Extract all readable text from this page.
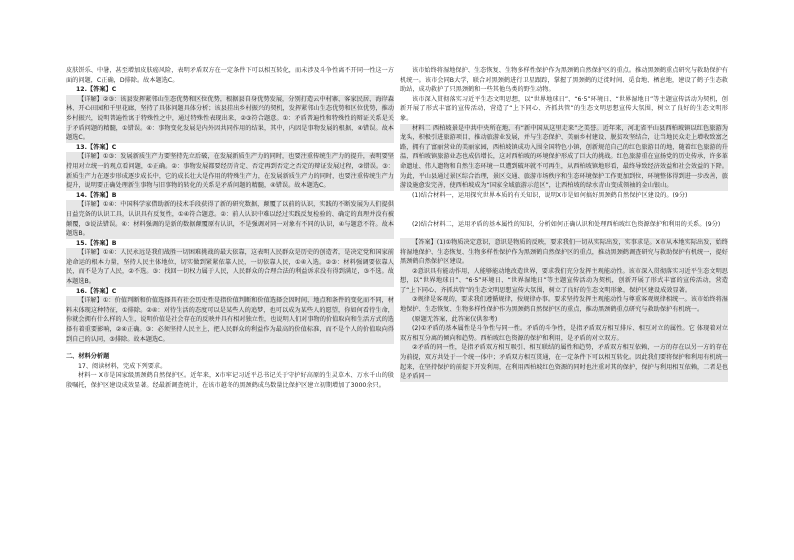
皮肤饼乐、中暑，甚至增加皮肤癌风险，表明矛盾双方在一定条件下可以相互转化，而未涉及斗争性离不开同一性这一方面的问题，C正确，D排除。故本题选C。

12.【答案】C

【详解】②③：该县发挥紧邻山生态优势和区位优势，根据县自身优势发展，分别打造云中村寨、客家民居、海岸森林、开心田园和千里花廊，坚持了具体问题具体分析；该县挂出乡村振兴的契机，发挥紧邻山生态优势和区位优势，推动乡村振兴，说明普遍性寓于特殊性之中，通过特殊性表现出来，②③符合题意。①：矛盾普遍性和特殊性的辩证关系是关于矛盾问题的精髓，①错误。④：事物变化发展是内外因共同作用的结果，其中，内因是事物发展的根据，④错误。故本题选C。

13.【答案】C

【详解】①③：发展新质生产力要坚持先立后破，在发展新质生产力的同时，也要注重传统生产力的提升，表明要坚持用对立统一的观点看问题，①正确。②：事物发展都要经历肯定、否定再到否定之否定的辩证发展过程，②错误。③：新质生产力在逐步形成逐步成长中，它的成长壮大是作用的特殊生产力，在发展新质生产力的同时，也要注重传统生产力提升，说明要正确处理新生事物与旧事物的转化的关系是矛盾问题的精髓，④错误。故本题选C。

14.【答案】B

【详解】①④：中国科学家借助新的技术手段获得了新的研究数据，颠覆了以前的认识，实践的不断发展为人们提供日益完备的认识工具，认识具有反复性，①④符合题意。②：前人认识中难以经过实践反复检验的、确定的真理并没有被颠覆，③说法错误。④：材料强调的是新的数据颠覆原有认识，不是强调对同一对象有不同的认识，④与题意不符。故本题选B。

15.【答案】B

【详解】①④：人民永远是我们战胜一切困难挑战的最大依靠，这表明人民群众是历史的创造者，是决定党和国家前途命运的根本力量，坚持人民主体地位，切实做到紧紧依靠人民，一切依靠人民，①④入选。②③：材料强调要依靠人民，而不是为了人民，②不选。③：找回一切权力属于人民，人民群众的合理合法的利益诉求没有得到满足，③不选。故本题选B。

16.【答案】C

【详解】①：价值判断和价值选择具有社会历史性是指价值判断和价值选择会因时间、地点和条件的变化而不同，材料未体现这种特征，①排除。②④：对待生活的态度可以是某些人的追梦，也可以成为某些人的愿望，你如何看待生命，你就会拥有什么样的人生，说明价值是社会存在的反映并具有相对独立性，也说明人们对事物的价值取向和生活方式的选择有着重要影响，②④正确。③：必须坚持人民主上，把人民群众的利益作为最高的价值标准，而不是个人的价值取向得到自己的认同，③排除。故本题选C。

二、材料分析题

17、阅读材料，完成下列要求。

材料一 X市是国家级黑颈鹤自然保护区。近年来，X市牢记习近平总书记关于守护好高原的生灵草木、万水千山的殷殷嘱托，保护区建设成效显著。经最新调查统计，在该市越冬的黑颈鹤成鸟数量比保护区建立初期增加了3000余只。

该市始终将湿地保护、生态恢复、生物多样性保护作为黑颈鹤自然保护区的重点。推动黑颈鹤重点研究与救助保护有机统一。该市会同B大学，联合对黑颈鹤进行卫星跟踪，掌握了黑颈鹤的迁徙时间、觅食地、栖息地，建设了鹤子生态救助站，成功救护了只黑颈鹤和一些其他鸟类的野生动物。

该市深入贯彻落实习近平生态文明思想，以“世界地球日”、“6·5”环境日、“世界湿地日”等主题宣传活动为契机，创新开展了形式丰富的宣传活动，营造了“上下同心、齐抓共管”的生态文明思想宣传大氛围，树立了良好的生态文明形象。

材料二 西柏坡景是中共中央所在地，有“新中国从这里走来”之美誉。近年来，河北省平山县西柏坡镇以红色旅游为龙头，积极引进旅游项目，推动旅游业发展，并与生态保护、美丽乡村建设、脱贫攻坚结合，让当地民众走上增收致富之路，拥有了富丽营业的美丽家园，西柏坡镇成功入围全国特色小镇，创新规范自己的红色旅游目的地，随着红色旅游的升温，西柏坡镇旅游业态也成倍增长，这对西柏坡的环境保护形成了巨大的挑战。红色旅游重在宣扬党的历史传承，许多革命遗址、伟人遗物和自然生态环境一旦遭到破坏就不可再生，从西柏坡镇地形看，最终导致经济效益和社会效益的下降。为此，平山县通过景区综合治理，景区交通、旅游市场秩序和生态环境保护工作更加到位，环境整体得到进一步改善，旅游设施愈发完善，使西柏坡成为“国家全域旅游示范区”，让西柏坡的绿水青山变成领袖的金山银山。

(1)结合材料一，运用探究世界本质的有关知识，说明X市是如何搞好黑颈鹤自然保护区建设的。(9分)

(2)结合材料二，运用矛盾的基本属性的知识，分析如何正确认识和处理西柏坡红色资源保护和利用的关系。(9分)

【答案】(1)①物质决定意识，意识是物质的反映，要求我们一切从实际出发，实事求是。X市从本地实际出发，始终将湿地保护、生态恢复、生物多样性保护作为黑颈鹤自然保护区的重点，推动黑颈鹤调查研究与救助保护有机统一，提好黑颈鹤自然保护区建设。

②意识具有能动作用，人能够能动地改造世界，要求我们充分发挥主观能动性。该市深入贯彻落实习近平生态文明思想，以“世界地球日”、“6·5”环境日、“世界湿地日”等主题宣传活动为契机，创新开展了形式丰富的宣传活动，营造了“上下同心、齐抓共管”的生态文明思想宣传大氛围，树立了良好的生态文明形象，保护区建设成效显著。

③规律是客观的，要求我们遵循规律，按规律办事。要求坚持发挥主观能动性与尊重客观规律相统一。该市始终将湿地保护、生态恢复、生物多样性保护作为黑颈鹤自然保护区的重点，推动黑颈鹤重点研究与救助保护有机统一。

(原题无答案，此答案仅供参考)

(2)①矛盾的基本属性是斗争性与同一性。矛盾的斗争性，是指矛盾双方相互排斥、相互对立的属性。它 体现着对立双方相互分离的倾向和趋势。西柏坡红色资源的保护和利用，是矛盾的对立双方。

②矛盾的同一性，是指矛盾双方相互吸引、相互联结的属性和趋势，矛盾双方相互依赖，一方的存在以另一方的存在为前提，双方共处于一个统一体中；矛盾双方相互贯通，在一定条件下可以相互转化。因此我们要将保护和利用有机统一起来，在坚持保护的前提下开发利用，在利用西柏坡红色资源的同时也注重对其的保护，保护与利用相互依赖，二者是也是矛盾同一
